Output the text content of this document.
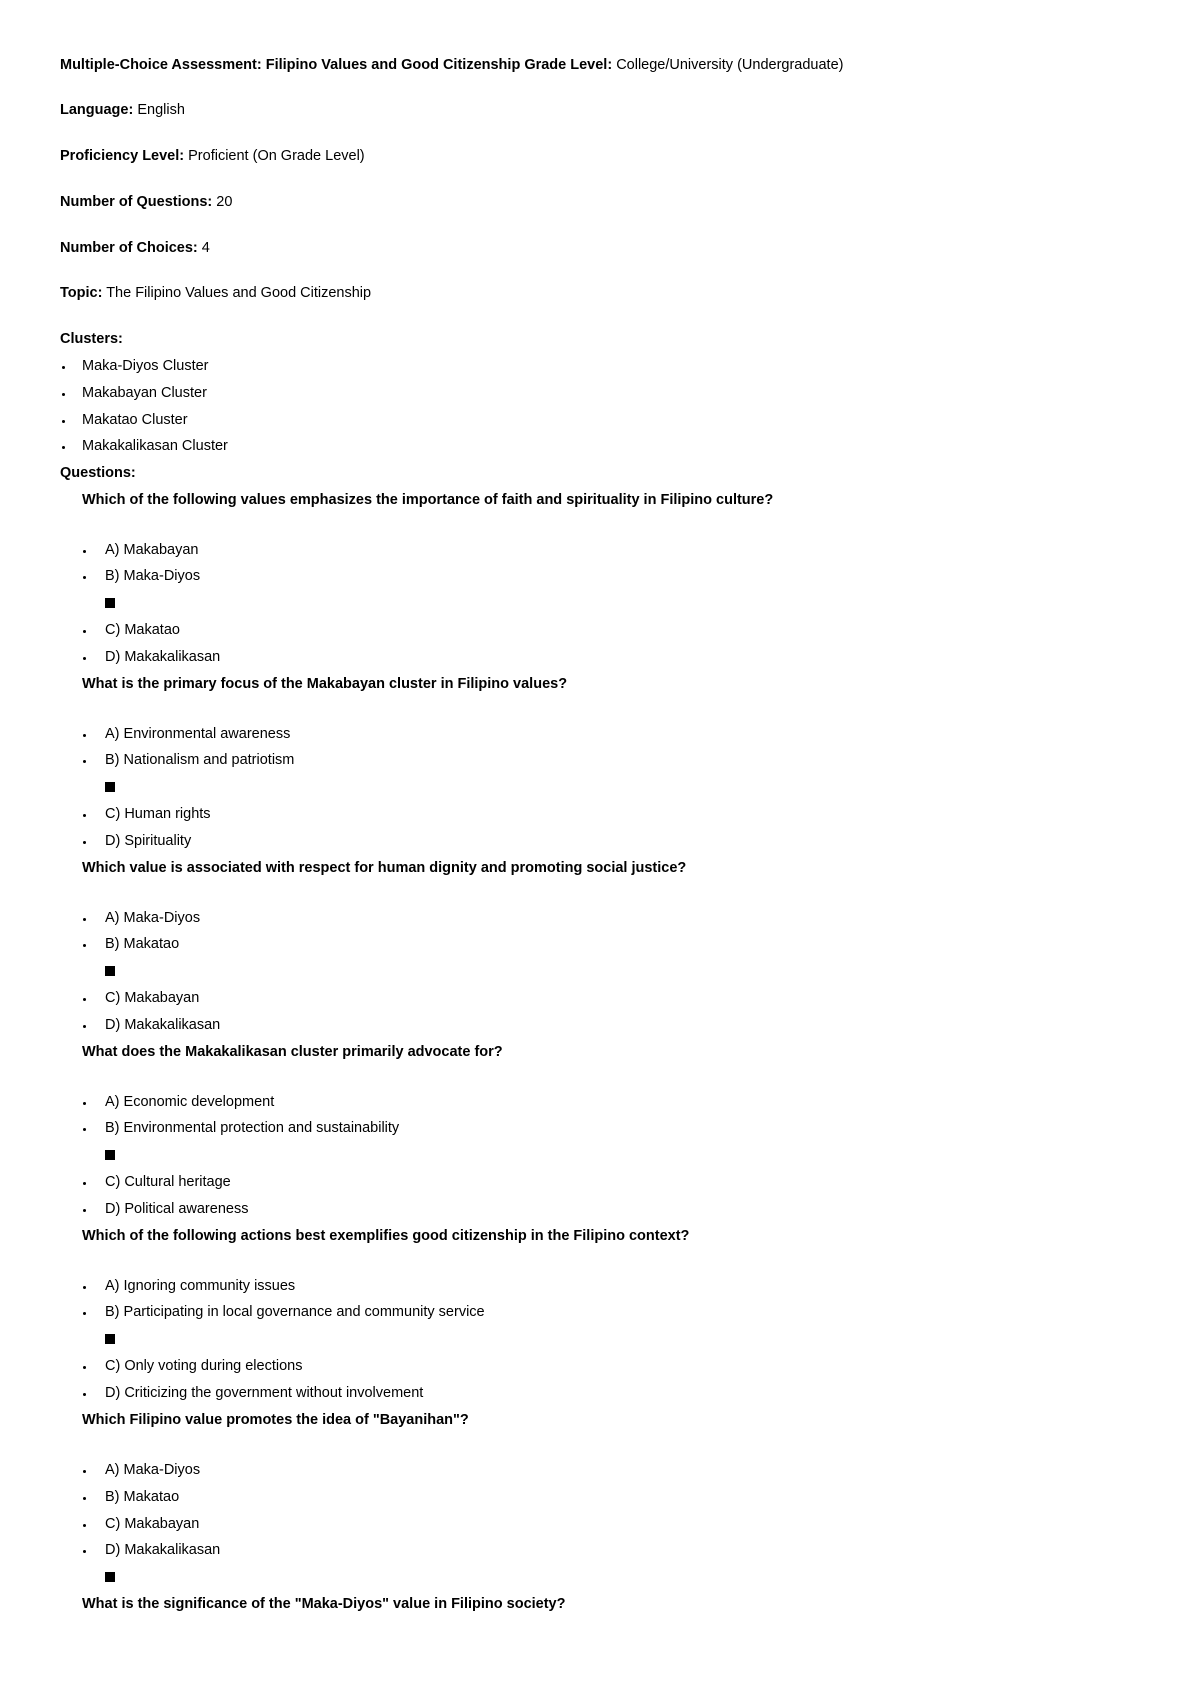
Multiple-Choice Assessment: Filipino Values and Good Citizenship Grade Level: College/University (Undergraduate)
Language: English
Proficiency Level: Proficient (On Grade Level)
Number of Questions: 20
Number of Choices: 4
Topic: The Filipino Values and Good Citizenship
Clusters:
Maka-Diyos Cluster
Makabayan Cluster
Makatao Cluster
Makakalikasan Cluster
Questions:
Which of the following values emphasizes the importance of faith and spirituality in Filipino culture?
A) Makabayan
B) Maka-Diyos
C) Makatao
D) Makakalikasan
What is the primary focus of the Makabayan cluster in Filipino values?
A) Environmental awareness
B) Nationalism and patriotism
C) Human rights
D) Spirituality
Which value is associated with respect for human dignity and promoting social justice?
A) Maka-Diyos
B) Makatao
C) Makabayan
D) Makakalikasan
What does the Makakalikasan cluster primarily advocate for?
A) Economic development
B) Environmental protection and sustainability
C) Cultural heritage
D) Political awareness
Which of the following actions best exemplifies good citizenship in the Filipino context?
A) Ignoring community issues
B) Participating in local governance and community service
C) Only voting during elections
D) Criticizing the government without involvement
Which Filipino value promotes the idea of "Bayanihan"?
A) Maka-Diyos
B) Makatao
C) Makabayan
D) Makakalikasan
What is the significance of the "Maka-Diyos" value in Filipino society?
